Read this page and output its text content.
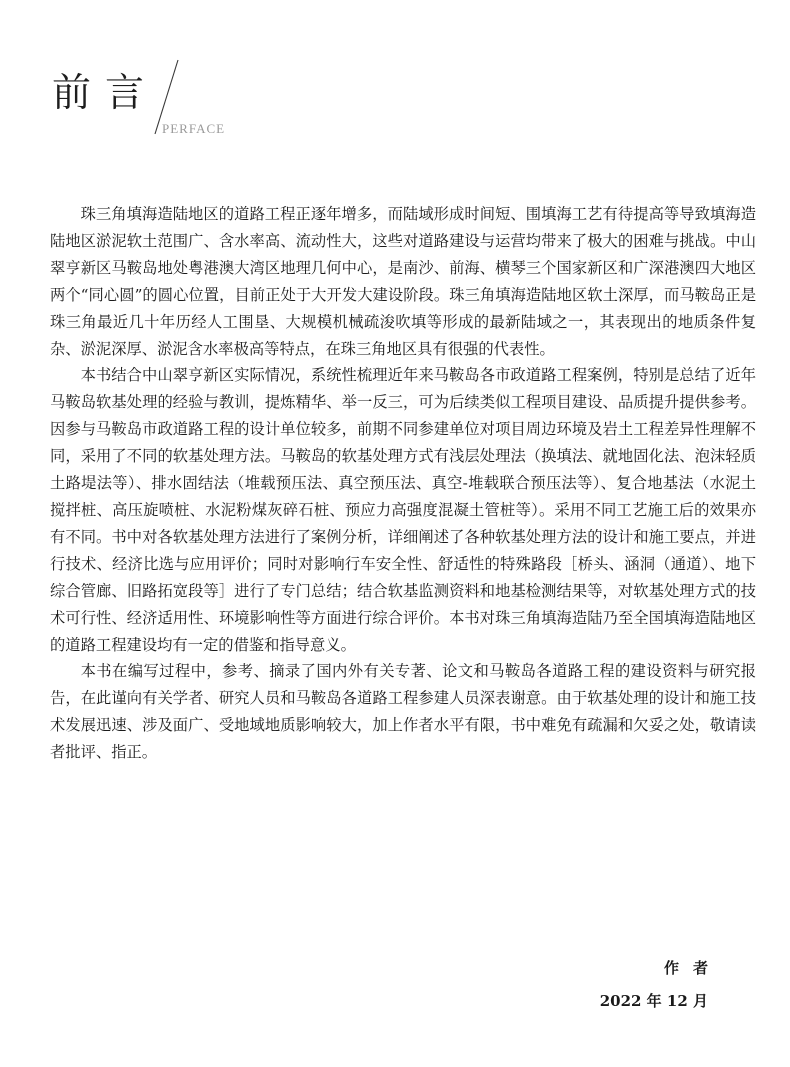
前言
PERFACE

珠三角填海造陆地区的道路工程正逐年增多，而陆域形成时间短、围填海工艺有待提高等导致填海造陆地区淤泥软土范围广、含水率高、流动性大，这些对道路建设与运营均带来了极大的困难与挑战。中山翠亨新区马鞍岛地处粤港澳大湾区地理几何中心，是南沙、前海、横琴三个国家新区和广深港澳四大地区两个“同心圆”的圆心位置，目前正处于大开发大建设阶段。珠三角填海造陆地区软土深厚，而马鞍岛正是珠三角最近几十年历经人工围垦、大规模机械疏浚吹填等形成的最新陆域之一，其表现出的地质条件复杂、淤泥深厚、淤泥含水率极高等特点，在珠三角地区具有很强的代表性。

本书结合中山翠亨新区实际情况，系统性梳理近年来马鞍岛各市政道路工程案例，特别是总结了近年马鞍岛软基处理的经验与教训，提炼精华、举一反三，可为后续类似工程项目建设、品质提升提供参考。因参与马鞍岛市政道路工程的设计单位较多，前期不同参建单位对项目周边环境及岩土工程差异性理解不同，采用了不同的软基处理方法。马鞍岛的软基处理方式有浅层处理法（换填法、就地固化法、泡沫轻质土路堤法等）、排水固结法（堆载预压法、真空预压法、真空-堆载联合预压法等）、复合地基法（水泥土搅拌桩、高压旋喷桩、水泥粉煤灰碎石桩、预应力高强度混凝土管桩等）。采用不同工艺施工后的效果亦有不同。书中对各软基处理方法进行了案例分析，详细阐述了各种软基处理方法的设计和施工要点，并进行技术、经济比选与应用评价；同时对影响行车安全性、舒适性的特殊路段［桥头、涵洞（通道）、地下综合管廊、旧路拓宽段等］进行了专门总结；结合软基监测资料和地基检测结果等，对软基处理方式的技术可行性、经济适用性、环境影响性等方面进行综合评价。本书对珠三角填海造陆乃至全国填海造陆地区的道路工程建设均有一定的借鉴和指导意义。

本书在编写过程中，参考、摘录了国内外有关专著、论文和马鞍岛各道路工程的建设资料与研究报告，在此谨向有关学者、研究人员和马鞍岛各道路工程参建人员深表谢意。由于软基处理的设计和施工技术发展迅速、涉及面广、受地域地质影响较大，加上作者水平有限，书中难免有疏漏和欠妥之处，敬请读者批评、指正。

作者
2022 年 12 月
